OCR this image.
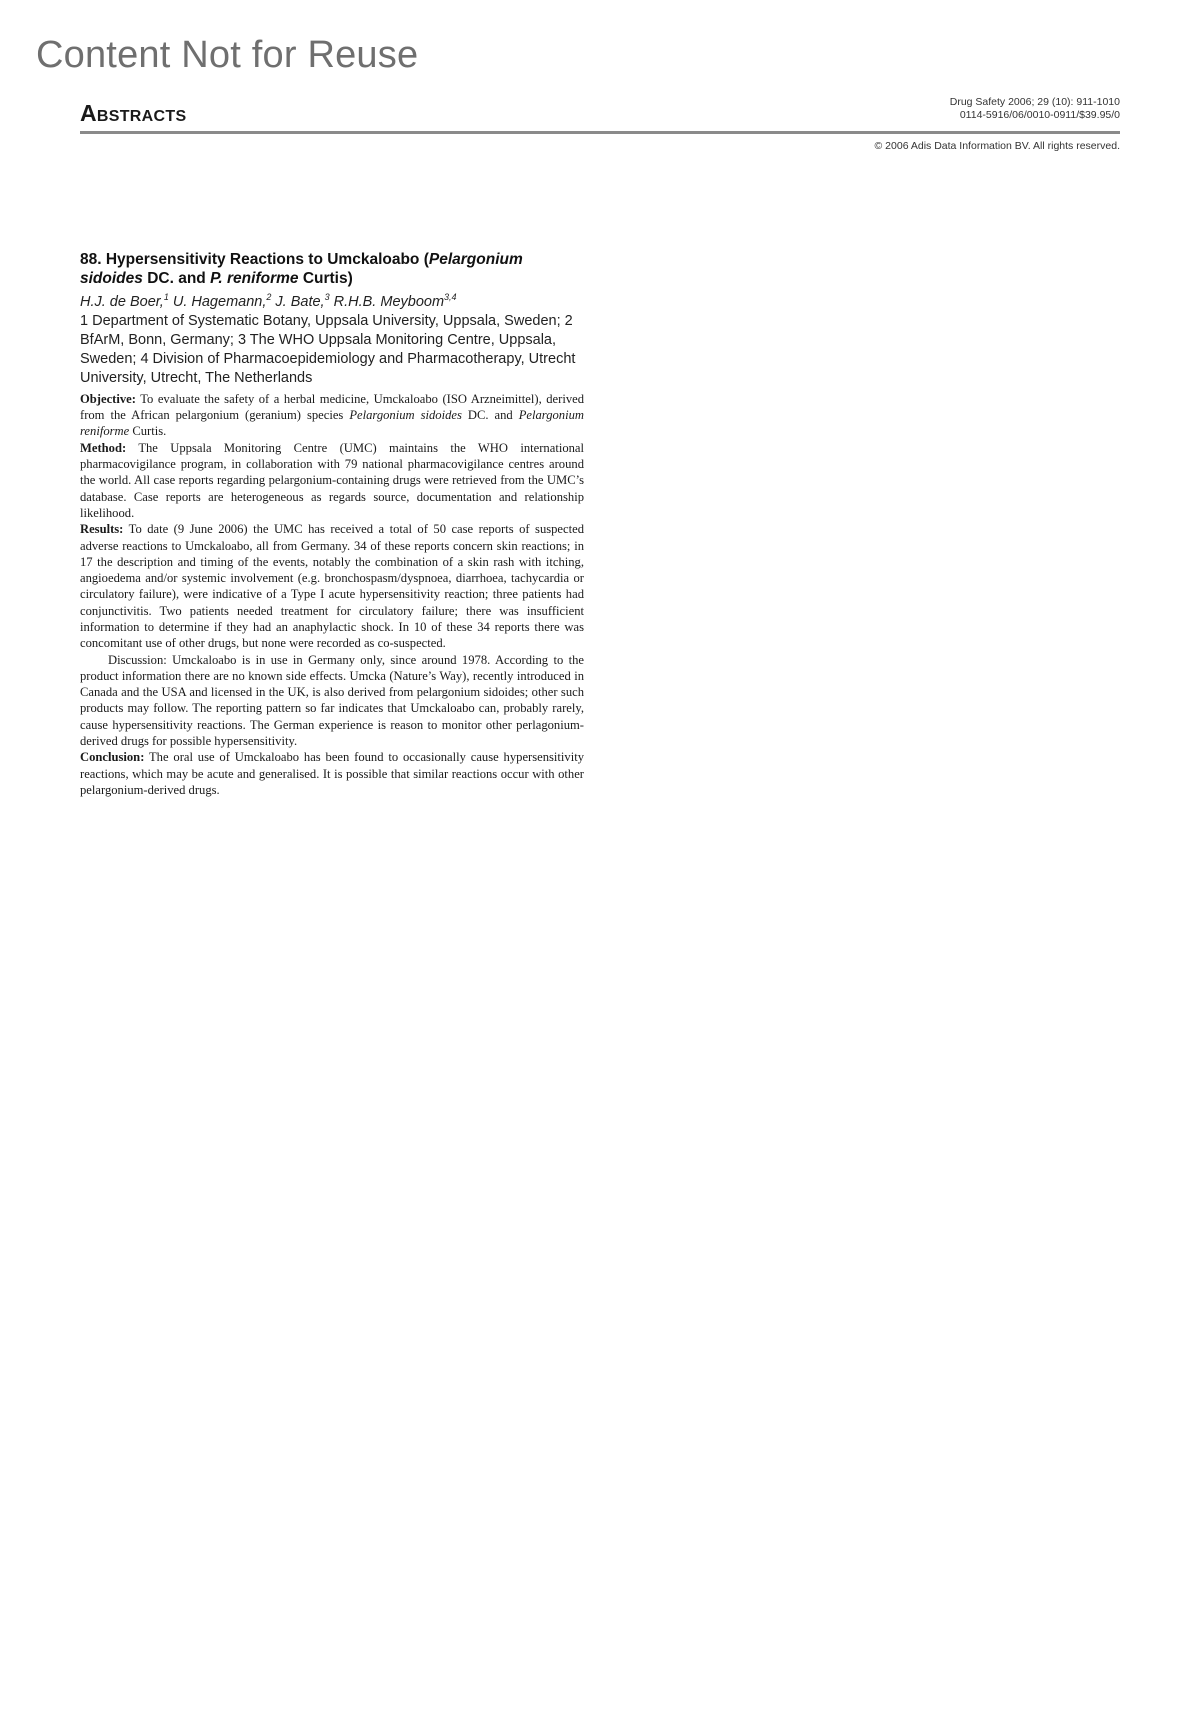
Content Not for Reuse
Abstracts	Drug Safety 2006; 29 (10): 911-1010
0114-5916/06/0010-0911/$39.95/0
© 2006 Adis Data Information BV. All rights reserved.

88. Hypersensitivity Reactions to Umckaloabo (Pelargonium sidoides DC. and P. reniforme Curtis)

H.J. de Boer,$^1$ U. Hagemann,$^2$ J. Bate,$^3$ R.H.B. Meyboom$^{3,4}$

1 Department of Systematic Botany, Uppsala University, Uppsala, Sweden; 2 BfArM, Bonn, Germany; 3 The WHO Uppsala Monitoring Centre, Uppsala, Sweden; 4 Division of Pharmacoepidemiology and Pharmacotherapy, Utrecht University, Utrecht, The Netherlands

Objective: To evaluate the safety of a herbal medicine, Umckaloabo (ISO Arzneimittel), derived from the African pelargonium (geranium) species Pelargonium sidoides DC. and Pelargonium reniforme Curtis.

Method: The Uppsala Monitoring Centre (UMC) maintains the WHO international pharmacovigilance program, in collaboration with 79 national pharmacovigilance centres around the world. All case reports regarding pelargonium-containing drugs were retrieved from the UMC’s database. Case reports are heterogeneous as regards source, documentation and relationship likelihood.

Results: To date (9 June 2006) the UMC has received a total of 50 case reports of suspected adverse reactions to Umckaloabo, all from Germany. 34 of these reports concern skin reactions; in 17 the description and timing of the events, notably the combination of a skin rash with itching, angioedema and/or systemic involvement (e.g. bronchospasm/dyspnoea, diarrhoea, tachycardia or circulatory failure), were indicative of a Type I acute hypersensitivity reaction; three patients had conjunctivitis. Two patients needed treatment for circulatory failure; there was insufficient information to determine if they had an anaphylactic shock. In 10 of these 34 reports there was concomitant use of other drugs, but none were recorded as co-suspected.

Discussion: Umckaloabo is in use in Germany only, since around 1978. According to the product information there are no known side effects. Umcka (Nature’s Way), recently introduced in Canada and the USA and licensed in the UK, is also derived from pelargonium sidoides; other such products may follow. The reporting pattern so far indicates that Umckaloabo can, probably rarely, cause hypersensitivity reactions. The German experience is reason to monitor other perlagonium-derived drugs for possible hypersensitivity.

Conclusion: The oral use of Umckaloabo has been found to occasionally cause hypersensitivity reactions, which may be acute and generalised. It is possible that similar reactions occur with other pelargonium-derived drugs.
